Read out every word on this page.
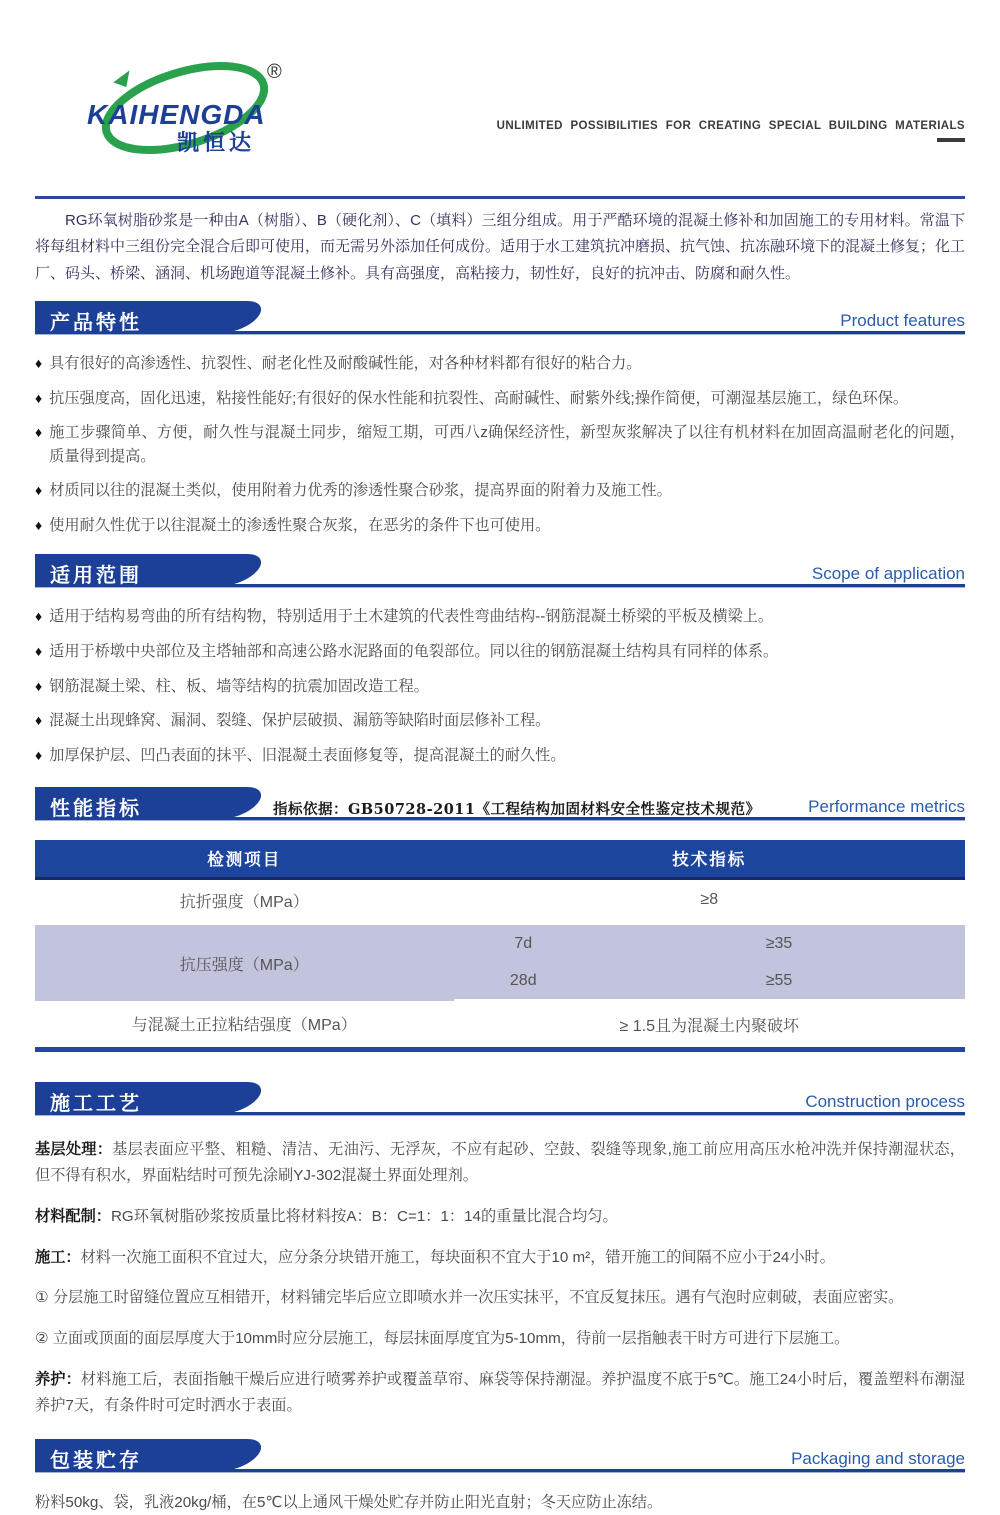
KAIHENGDA
凯恒达
®
UNLIMITED POSSIBILITIES FOR CREATING SPECIAL BUILDING MATERIALS

RG环氧树脂砂浆是一种由A（树脂）、B（硬化剂）、C（填料）三组分组成。用于严酷环境的混凝土修补和加固施工的专用材料。常温下将每组材料中三组份完全混合后即可使用，而无需另外添加任何成份。适用于水工建筑抗冲磨损、抗气蚀、抗冻融环境下的混凝土修复；化工厂、码头、桥梁、涵洞、机场跑道等混凝土修补。具有高强度，高粘接力，韧性好，良好的抗冲击、防腐和耐久性。

产品特性	Product features
♦ 具有很好的高渗透性、抗裂性、耐老化性及耐酸碱性能，对各种材料都有很好的粘合力。
♦ 抗压强度高，固化迅速，粘接性能好;有很好的保水性能和抗裂性、高耐碱性、耐紫外线;操作简便，可潮湿基层施工，绿色环保。
♦ 施工步骤简单、方便，耐久性与混凝土同步，缩短工期，可西八z确保经济性，新型灰浆解决了以往有机材料在加固高温耐老化的问题，质量得到提高。
♦ 材质同以往的混凝土类似，使用附着力优秀的渗透性聚合砂浆，提高界面的附着力及施工性。
♦ 使用耐久性优于以往混凝土的渗透性聚合灰浆，在恶劣的条件下也可使用。
适用范围	Scope of application
♦ 适用于结构易弯曲的所有结构物，特别适用于土木建筑的代表性弯曲结构--钢筋混凝土桥梁的平板及横梁上。
♦ 适用于桥墩中央部位及主塔轴部和高速公路水泥路面的龟裂部位。同以往的钢筋混凝土结构具有同样的体系。
♦ 钢筋混凝土梁、柱、板、墙等结构的抗震加固改造工程。
♦ 混凝土出现蜂窝、漏洞、裂缝、保护层破损、漏筋等缺陷时面层修补工程。
♦ 加厚保护层、凹凸表面的抹平、旧混凝土表面修复等，提高混凝土的耐久性。
性能指标	指标依据：GB50728-2011《工程结构加固材料安全性鉴定技术规范》	Performance metrics
检测项目	技术指标	
抗折强度（MPa）	≥8	
抗压强度（MPa）	7d	≥35
	28d	≥55
与混凝土正拉粘结强度（MPa）	≥ 1.5且为混凝土内聚破坏	
施工工艺	Construction process

基层处理：基层表面应平整、粗糙、清洁、无油污、无浮灰，不应有起砂、空鼓、裂缝等现象,施工前应用高压水枪冲洗并保持潮湿状态，但不得有积水，界面粘结时可预先涂刷YJ-302混凝土界面处理剂。

材料配制：RG环氧树脂砂浆按质量比将材料按A：B：C=1：1：14的重量比混合均匀。

施工：材料一次施工面积不宜过大，应分条分块错开施工，每块面积不宜大于10 m²，错开施工的间隔不应小于24小时。

① 分层施工时留缝位置应互相错开，材料铺完毕后应立即喷水并一次压实抹平，不宜反复抹压。遇有气泡时应刺破，表面应密实。

② 立面或顶面的面层厚度大于10mm时应分层施工，每层抹面厚度宜为5-10mm，待前一层指触表干时方可进行下层施工。

养护：材料施工后，表面指触干燥后应进行喷雾养护或覆盖草帘、麻袋等保持潮湿。养护温度不底于5℃。施工24小时后，覆盖塑料布潮湿养护7天，有条件时可定时洒水于表面。

包装贮存	Packaging and storage

粉料50kg、袋，乳液20kg/桶，在5℃以上通风干燥处贮存并防止阳光直射；冬天应防止冻结。
